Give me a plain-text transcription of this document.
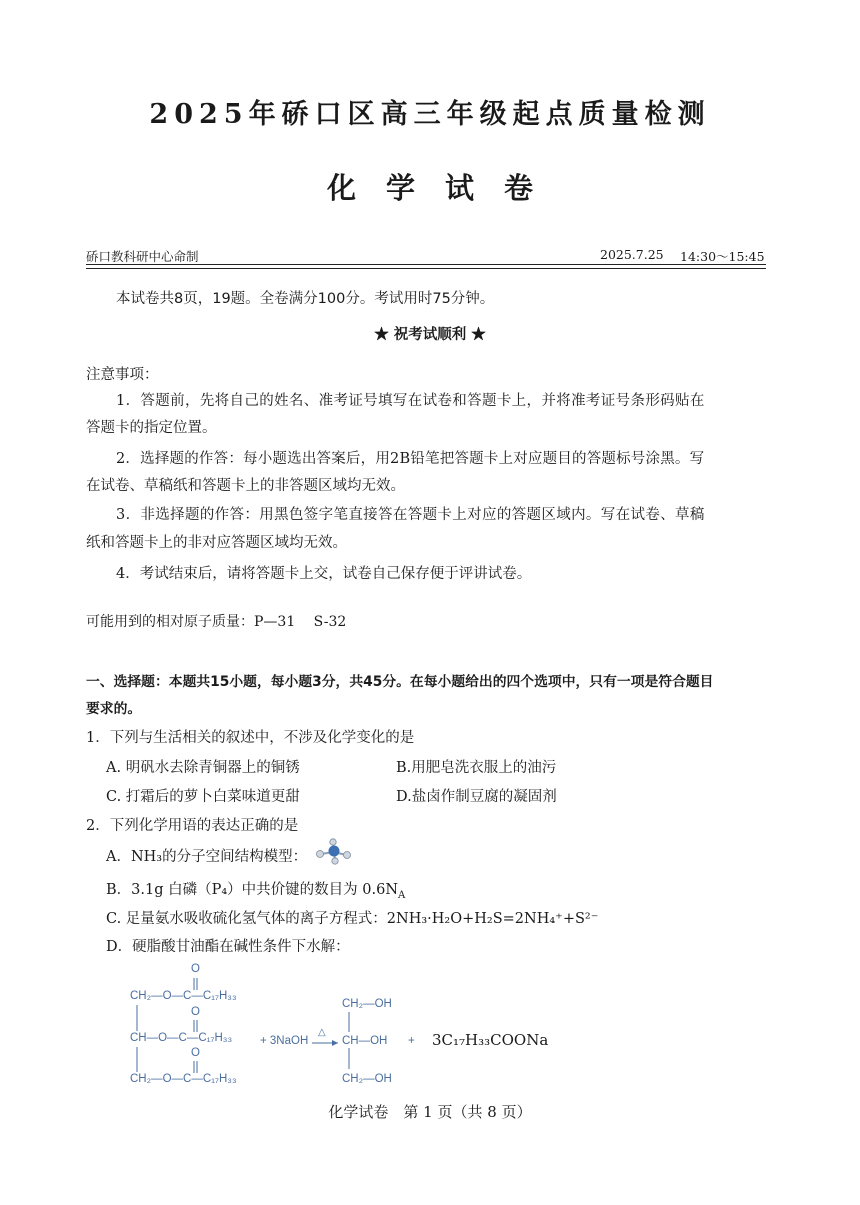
2025年硚口区高三年级起点质量检测
化学试卷
硚口教科研中心命制	2025.7.25 14:30～15:45
本试卷共8页，19题。全卷满分100分。考试用时75分钟。
★ 祝考试顺利 ★
注意事项：
1．答题前，先将自己的姓名、准考证号填写在试卷和答题卡上，并将准考证号条形码贴在
答题卡的指定位置。
2．选择题的作答：每小题选出答案后，用2B铅笔把答题卡上对应题目的答题标号涂黑。写
在试卷、草稿纸和答题卡上的非答题区域均无效。
3．非选择题的作答：用黑色签字笔直接答在答题卡上对应的答题区域内。写在试卷、草稿
纸和答题卡上的非对应答题区域均无效。
4．考试结束后，请将答题卡上交，试卷自己保存便于评讲试卷。
可能用到的相对原子质量：P—31　 S-32
一、选择题：本题共15小题，每小题3分，共45分。在每小题给出的四个选项中，只有一项是符合题目
要求的。
1．下列与生活相关的叙述中，不涉及化学变化的是
A. 明矾水去除青铜器上的铜锈	B.用肥皂洗衣服上的油污
C. 打霜后的萝卜白菜味道更甜	D.盐卤作制豆腐的凝固剂
2．下列化学用语的表达正确的是
A．NH₃的分子空间结构模型：
B．3.1g 白磷（P₄）中共价键的数目为 $0.6N_A$
C. 足量氨水吸收硫化氢气体的离子方程式：2NH₃·H₂O+H₂S=2NH₄⁺+S²⁻
D．硬脂酸甘油酯在碱性条件下水解：
O
CH₂—O—C—C₁₇H₃₃
O
CH—O—C—C₁₇H₃₃
O
CH₂—O—C—C₁₇H₃₃
+ 3NaOH
△
CH₂—OH
CH—OH
CH₂—OH
+ 3C₁₇H₃₃COONa
化学试卷　第 1 页（共 8 页）
